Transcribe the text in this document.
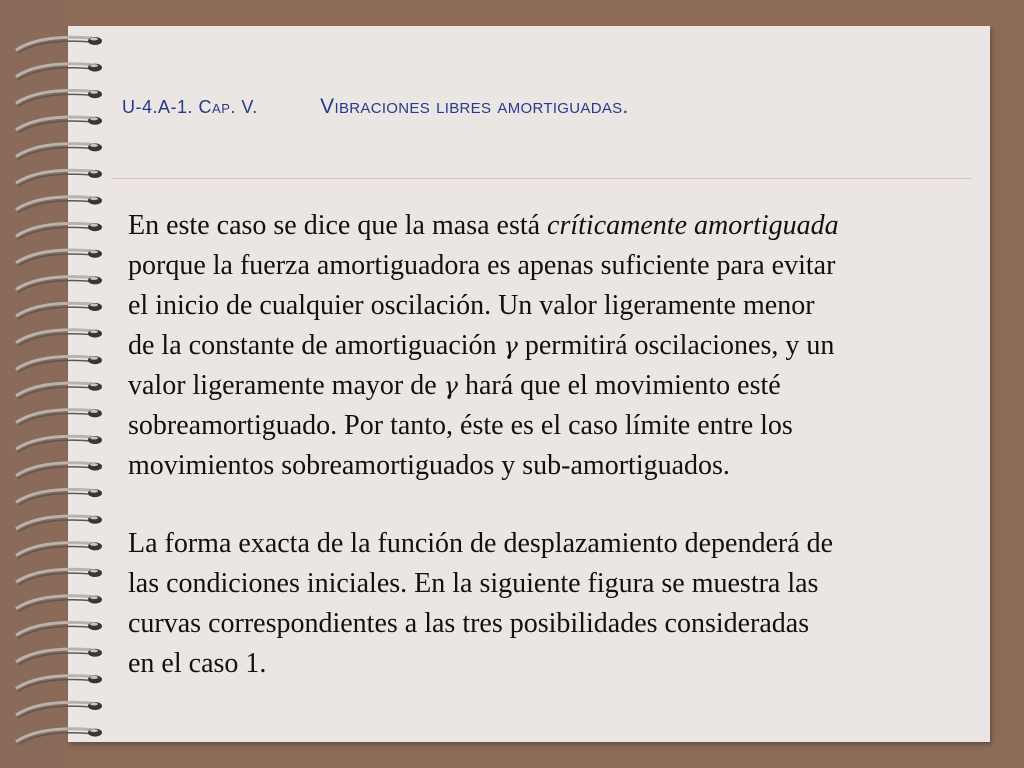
U-4.A-1. Cap. V.	Vibraciones libres amortiguadas.

En este caso se dice que la masa está críticamente amortiguada
porque la fuerza amortiguadora es apenas suficiente para evitar
el inicio de cualquier oscilación. Un valor ligeramente menor
de la constante de amortiguación γ permitirá oscilaciones, y un
valor ligeramente mayor de γ hará que el movimiento esté
sobreamortiguado. Por tanto, éste es el caso límite entre los
movimientos sobreamortiguados y sub-amortiguados.

La forma exacta de la función de desplazamiento dependerá de
las condiciones iniciales. En la siguiente figura se muestra las
curvas correspondientes a las tres posibilidades consideradas
en el caso 1.
